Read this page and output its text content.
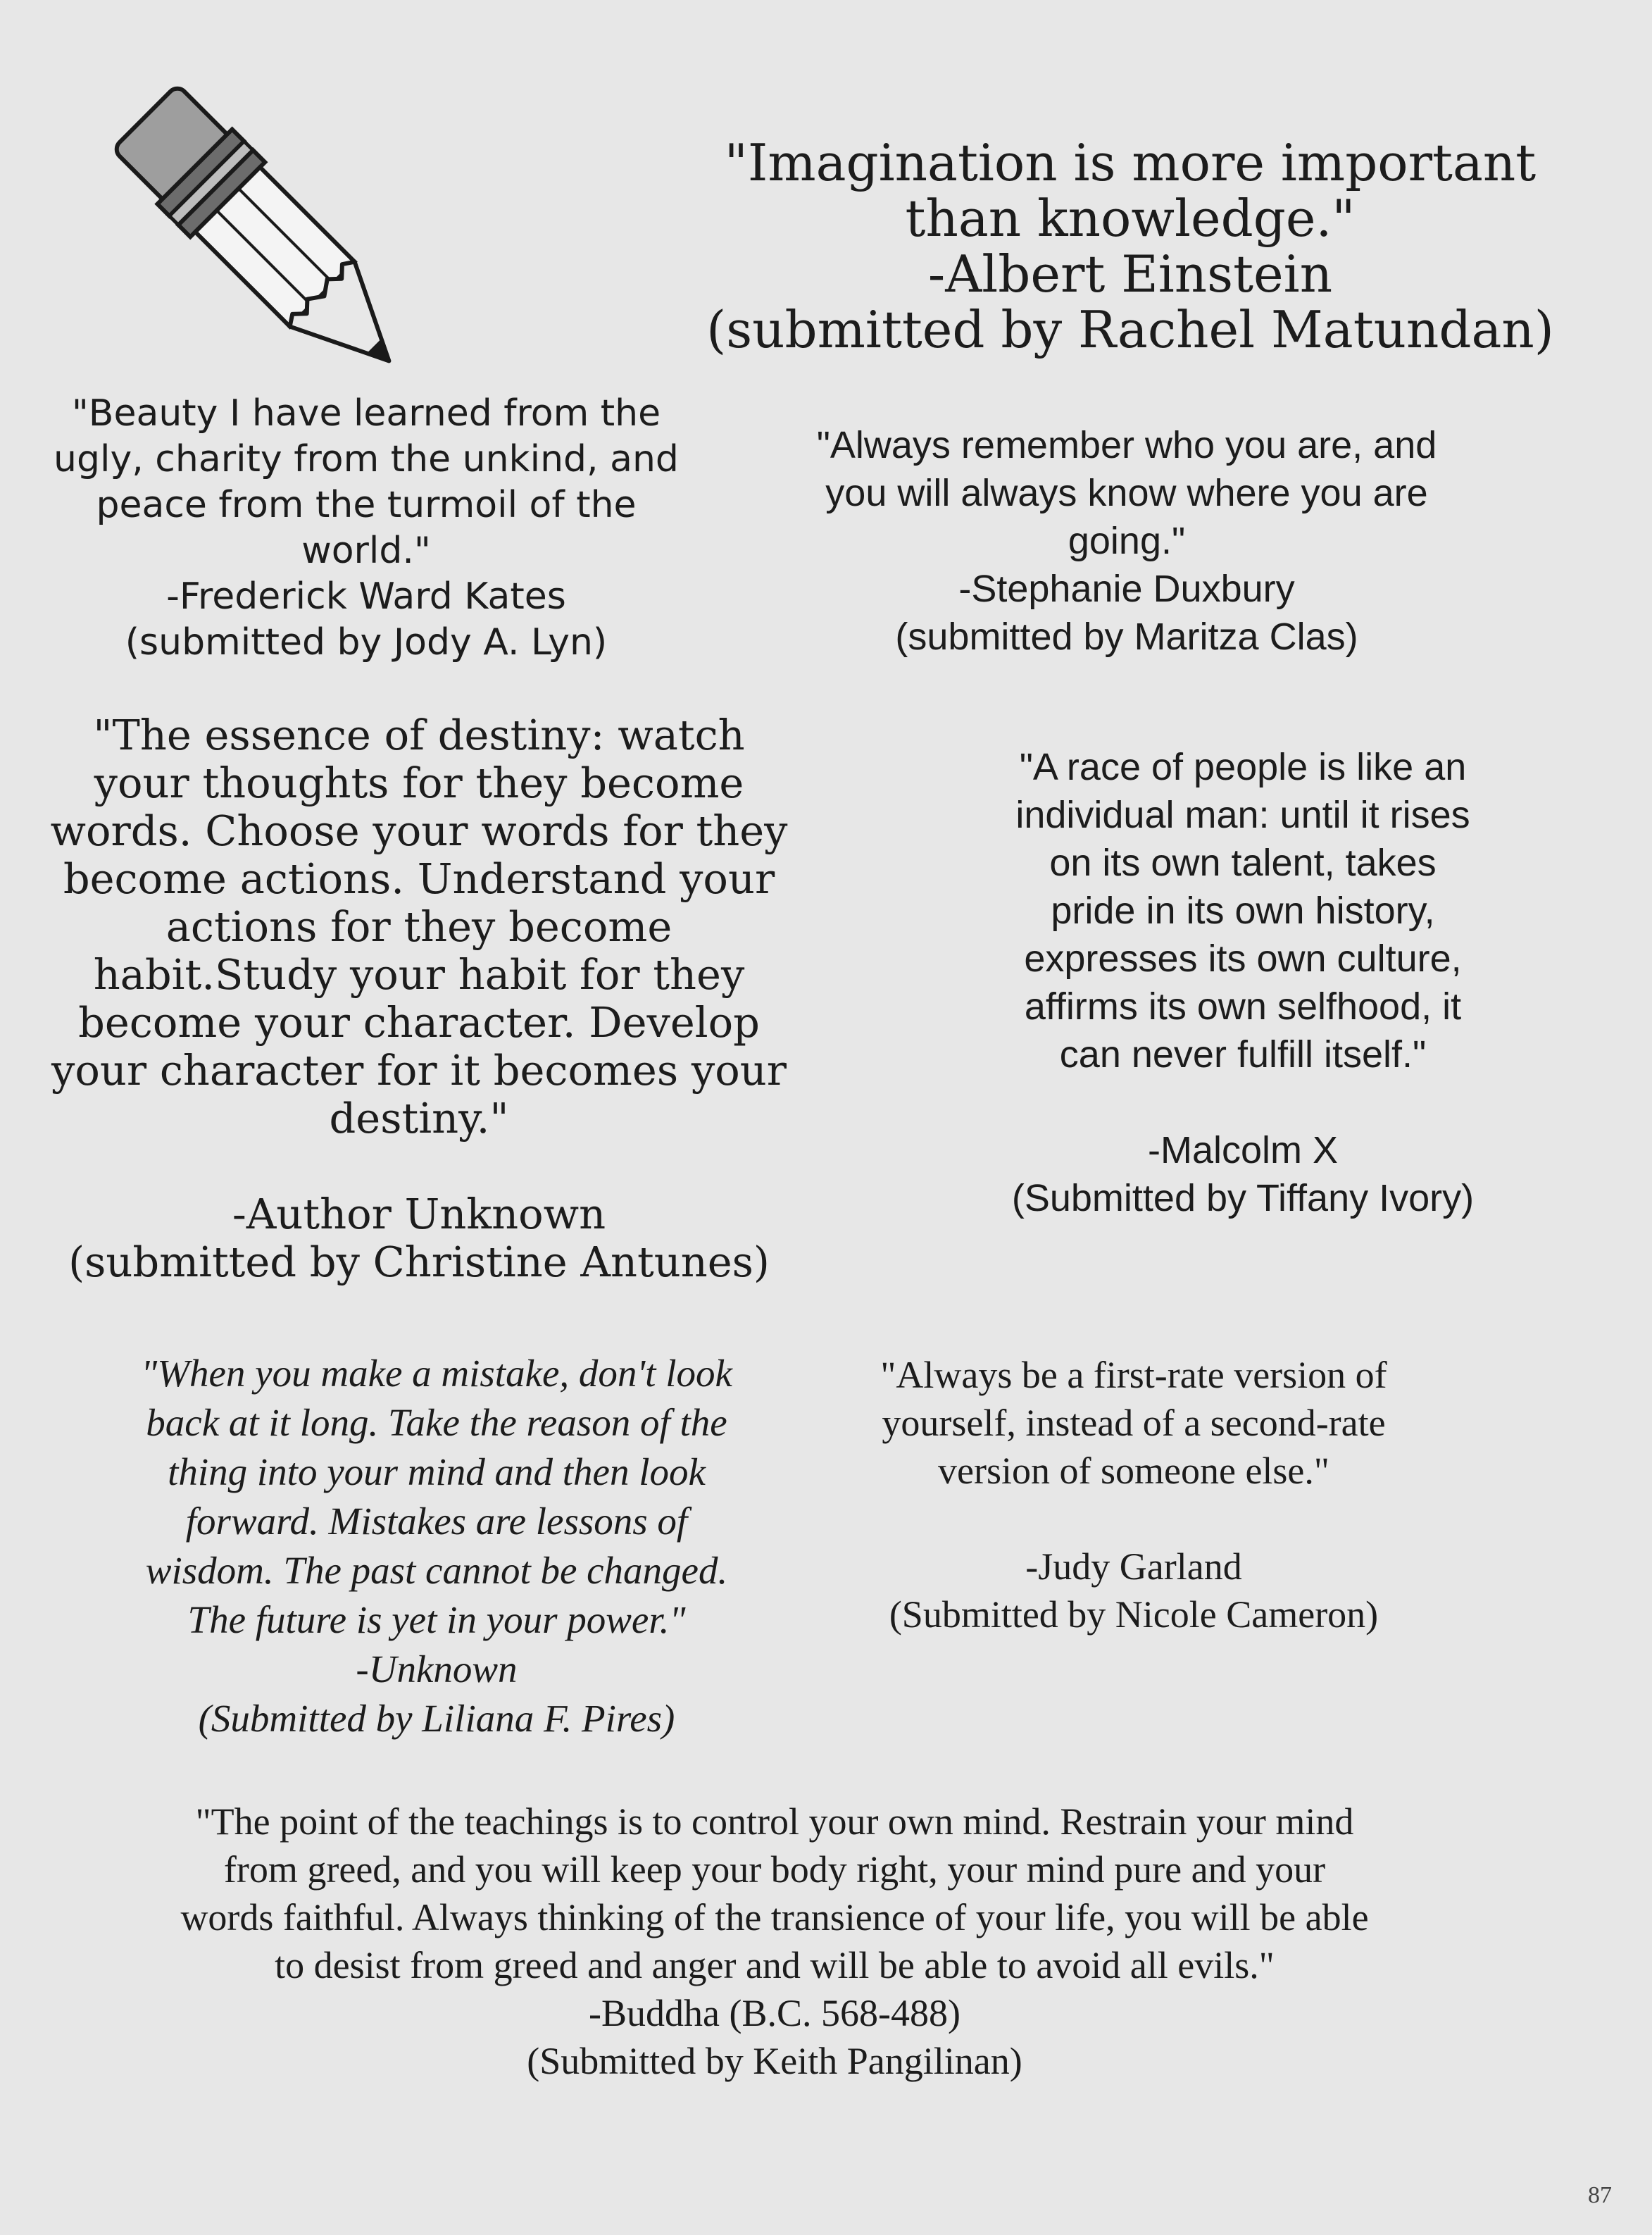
"Imagination is more important
than knowledge."
-Albert Einstein
(submitted by Rachel Matundan)
"Beauty I have learned from the
ugly, charity from the unkind, and
peace from the turmoil of the
world."
-Frederick Ward Kates
(submitted by Jody A. Lyn)
"Always remember who you are, and
you will always know where you are
going."
-Stephanie Duxbury
(submitted by Maritza Clas)
"The essence of destiny: watch
your thoughts for they become
words. Choose your words for they
become actions. Understand your
actions for they become
habit.Study your habit for they
become your character. Develop
your character for it becomes your
destiny."
-Author Unknown
(submitted by Christine Antunes)
"A race of people is like an
individual man: until it rises
on its own talent, takes
pride in its own history,
expresses its own culture,
affirms its own selfhood, it
can never fulfill itself."
-Malcolm X
(Submitted by Tiffany Ivory)
"When you make a mistake, don't look
back at it long. Take the reason of the
thing into your mind and then look
forward. Mistakes are lessons of
wisdom. The past cannot be changed.
The future is yet in your power."
-Unknown
(Submitted by Liliana F. Pires)
"Always be a first-rate version of
yourself, instead of a second-rate
version of someone else."
-Judy Garland
(Submitted by Nicole Cameron)
"The point of the teachings is to control your own mind. Restrain your mind
from greed, and you will keep your body right, your mind pure and your
words faithful. Always thinking of the transience of your life, you will be able
to desist from greed and anger and will be able to avoid all evils."
-Buddha (B.C. 568-488)
(Submitted by Keith Pangilinan)
87
